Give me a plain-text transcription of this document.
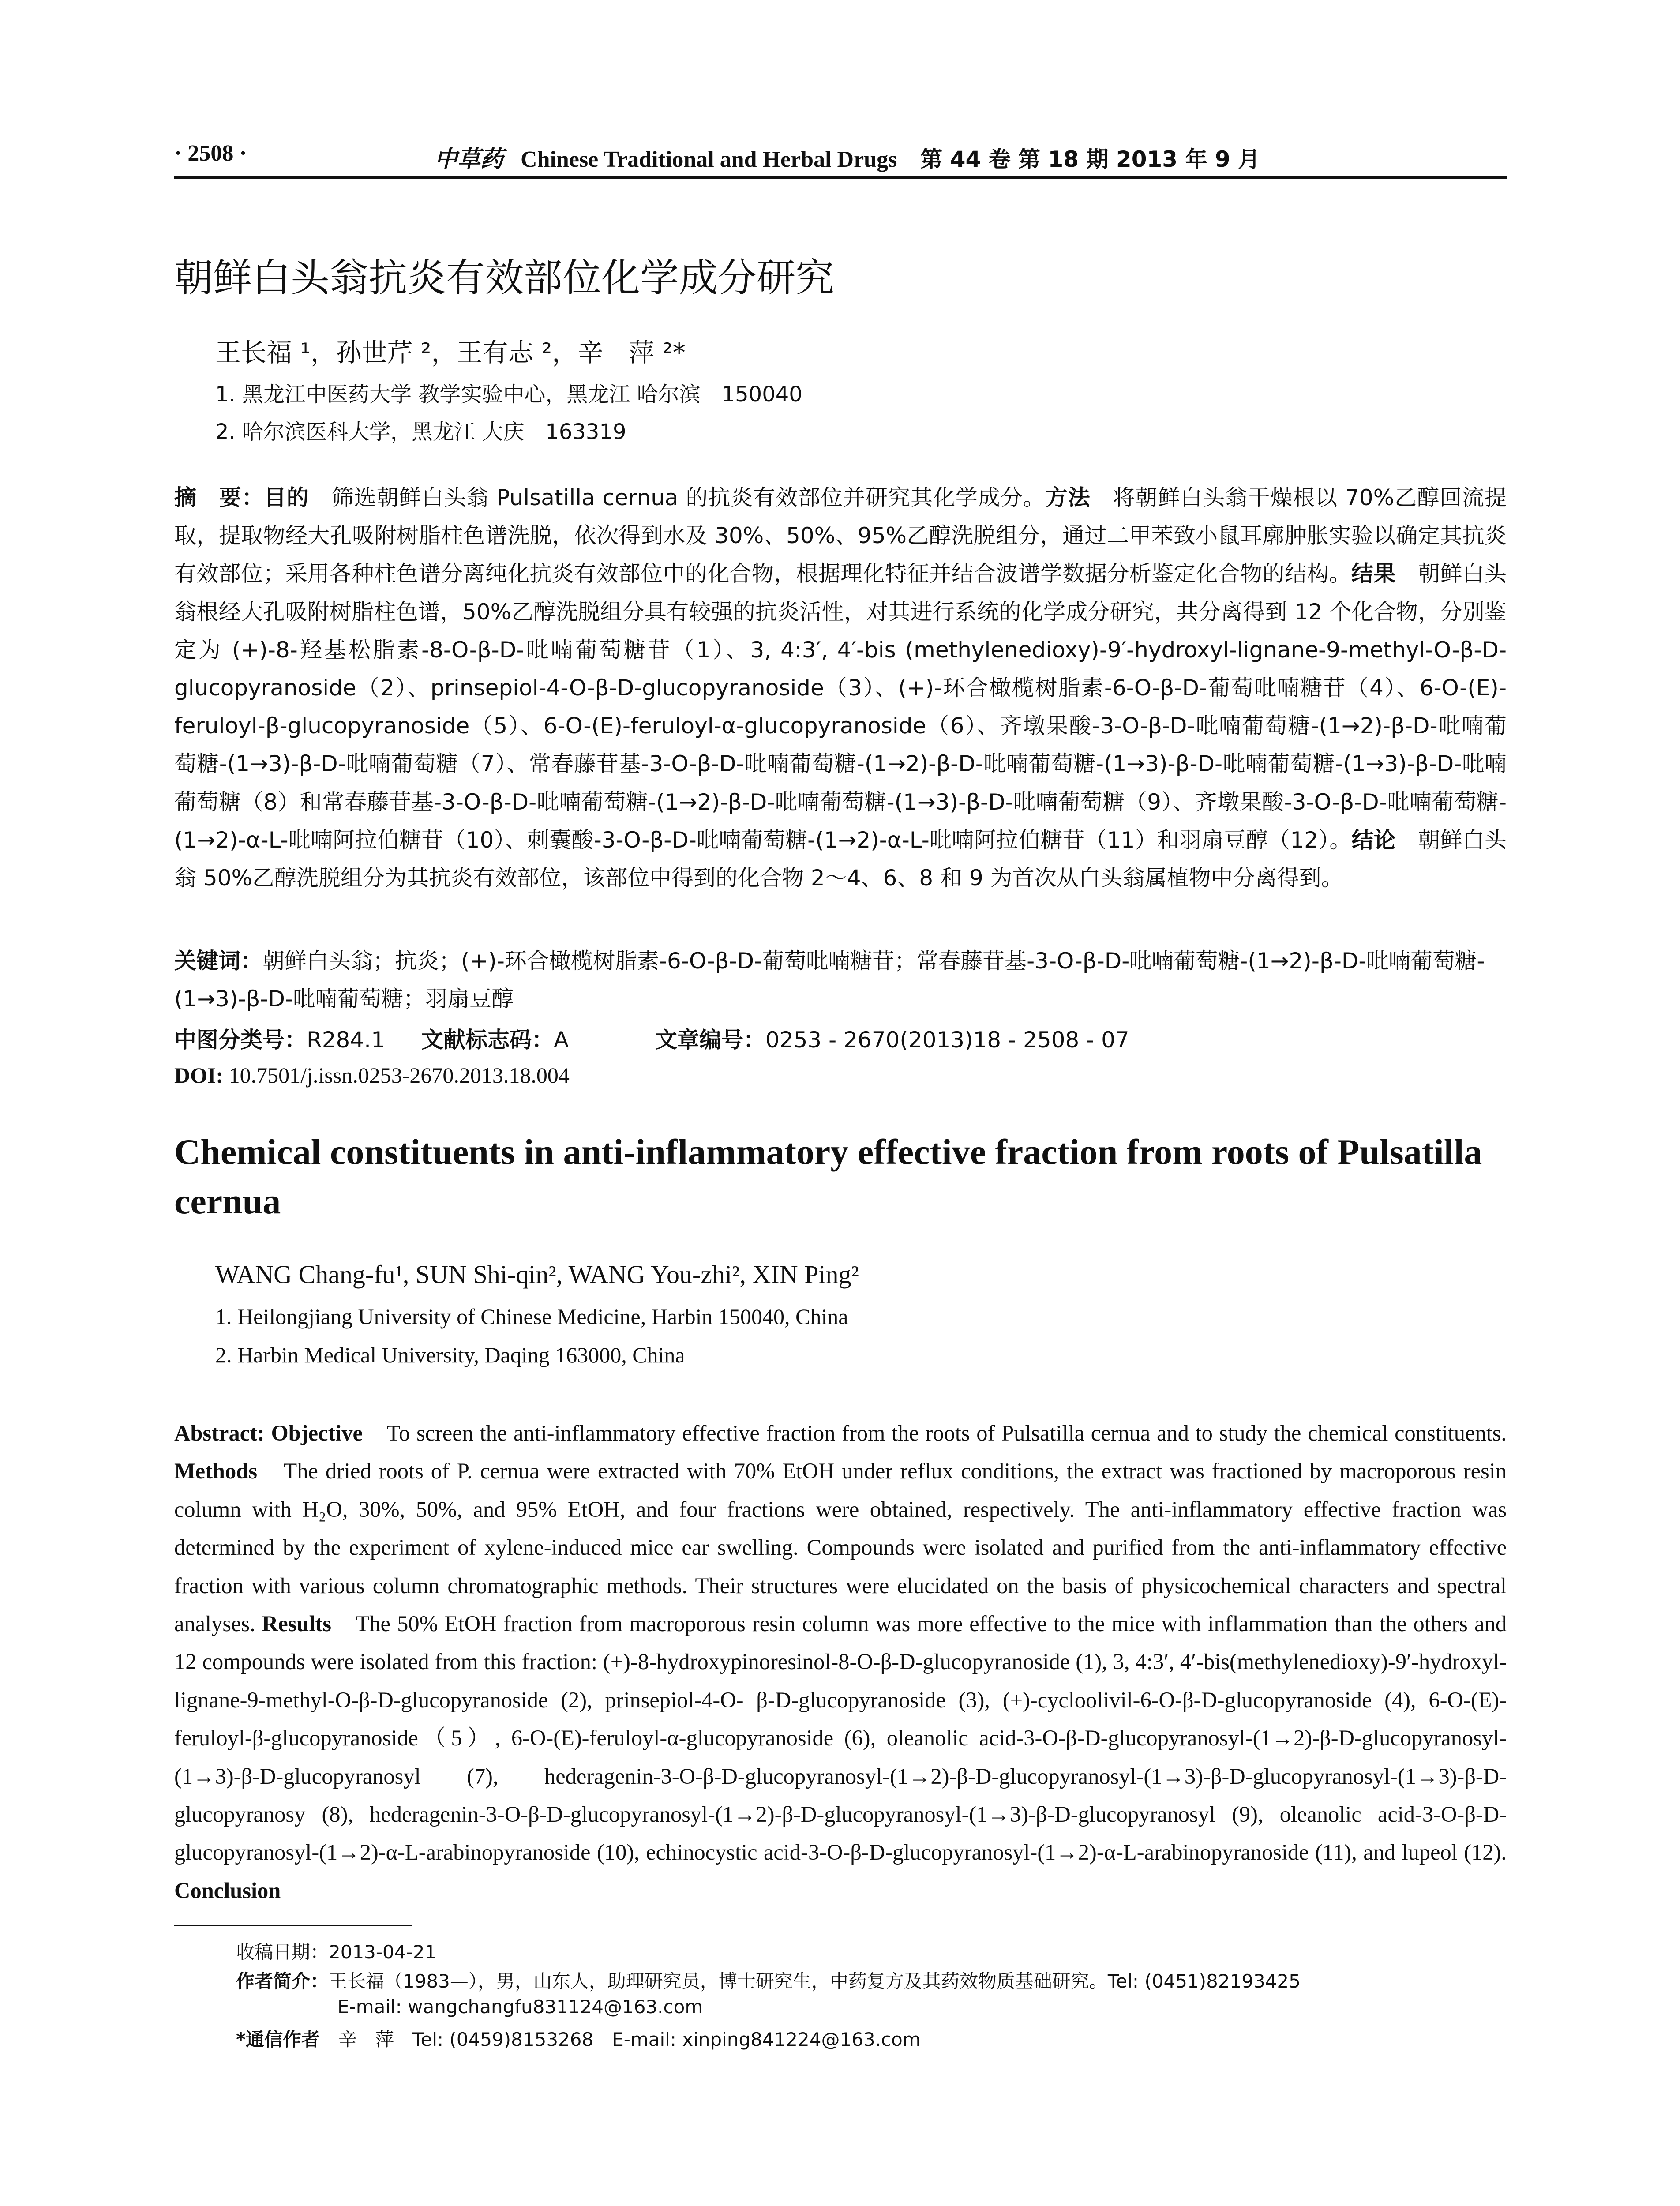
· 2508 ·	中草药 Chinese Traditional and Herbal Drugs 第 44 卷 第 18 期 2013 年 9 月
朝鲜白头翁抗炎有效部位化学成分研究
王长福 ¹，孙世芹 ²，王有志 ²，辛　萍 ²*
1. 黑龙江中医药大学 教学实验中心，黑龙江 哈尔滨　150040
2. 哈尔滨医科大学，黑龙江 大庆　163319
摘　要：目的　筛选朝鲜白头翁 Pulsatilla cernua 的抗炎有效部位并研究其化学成分。方法　将朝鲜白头翁干燥根以 70%乙醇回流提取，提取物经大孔吸附树脂柱色谱洗脱，依次得到水及 30%、50%、95%乙醇洗脱组分，通过二甲苯致小鼠耳廓肿胀实验以确定其抗炎有效部位；采用各种柱色谱分离纯化抗炎有效部位中的化合物，根据理化特征并结合波谱学数据分析鉴定化合物的结构。结果　朝鲜白头翁根经大孔吸附树脂柱色谱，50%乙醇洗脱组分具有较强的抗炎活性，对其进行系统的化学成分研究，共分离得到 12 个化合物，分别鉴定为 (+)-8-羟基松脂素-8-O-β-D-吡喃葡萄糖苷（1）、3, 4:3′, 4′-bis (methylenedioxy)-9′-hydroxyl-lignane-9-methyl-O-β-D-glucopyranoside（2）、prinsepiol-4-O-β-D-glucopyranoside（3）、(+)-环合橄榄树脂素-6-O-β-D-葡萄吡喃糖苷（4）、6-O-(E)-feruloyl-β-glucopyranoside（5）、6-O-(E)-feruloyl-α-glucopyranoside（6）、齐墩果酸-3-O-β-D-吡喃葡萄糖-(1→2)-β-D-吡喃葡萄糖-(1→3)-β-D-吡喃葡萄糖（7）、常春藤苷基-3-O-β-D-吡喃葡萄糖-(1→2)-β-D-吡喃葡萄糖-(1→3)-β-D-吡喃葡萄糖-(1→3)-β-D-吡喃葡萄糖（8）和常春藤苷基-3-O-β-D-吡喃葡萄糖-(1→2)-β-D-吡喃葡萄糖-(1→3)-β-D-吡喃葡萄糖（9）、齐墩果酸-3-O-β-D-吡喃葡萄糖-(1→2)-α-L-吡喃阿拉伯糖苷（10）、刺囊酸-3-O-β-D-吡喃葡萄糖-(1→2)-α-L-吡喃阿拉伯糖苷（11）和羽扇豆醇（12）。结论　朝鲜白头翁 50%乙醇洗脱组分为其抗炎有效部位，该部位中得到的化合物 2～4、6、8 和 9 为首次从白头翁属植物中分离得到。
关键词：朝鲜白头翁；抗炎；(+)-环合橄榄树脂素-6-O-β-D-葡萄吡喃糖苷；常春藤苷基-3-O-β-D-吡喃葡萄糖-(1→2)-β-D-吡喃葡萄糖-(1→3)-β-D-吡喃葡萄糖；羽扇豆醇
中图分类号：R284.1 文献标志码：A	文章编号：0253 - 2670(2013)18 - 2508 - 07
DOI: 10.7501/j.issn.0253-2670.2013.18.004
Chemical constituents in anti-inflammatory effective fraction from roots of Pulsatilla cernua
WANG Chang-fu¹, SUN Shi-qin², WANG You-zhi², XIN Ping²
1. Heilongjiang University of Chinese Medicine, Harbin 150040, China
2. Harbin Medical University, Daqing 163000, China
Abstract: Objective　To screen the anti-inflammatory effective fraction from the roots of Pulsatilla cernua and to study the chemical constituents. Methods　The dried roots of P. cernua were extracted with 70% EtOH under reflux conditions, the extract was fractioned by macroporous resin column with H₂O, 30%, 50%, and 95% EtOH, and four fractions were obtained, respectively. The anti-inflammatory effective fraction was determined by the experiment of xylene-induced mice ear swelling. Compounds were isolated and purified from the anti-inflammatory effective fraction with various column chromatographic methods. Their structures were elucidated on the basis of physicochemical characters and spectral analyses. Results　The 50% EtOH fraction from macroporous resin column was more effective to the mice with inflammation than the others and 12 compounds were isolated from this fraction: (+)-8-hydroxypinoresinol-8-O-β-D-glucopyranoside (1), 3, 4:3′, 4′-bis(methylenedioxy)-9′-hydroxyl-lignane-9-methyl-O-β-D-glucopyranoside (2), prinsepiol-4-O- β-D-glucopyranoside (3), (+)-cycloolivil-6-O-β-D-glucopyranoside (4), 6-O-(E)-feruloyl-β-glucopyranoside（5）, 6-O-(E)-feruloyl-α-glucopyranoside (6), oleanolic acid-3-O-β-D-glucopyranosyl-(1→2)-β-D-glucopyranosyl-(1→3)-β-D-glucopyranosyl (7), hederagenin-3-O-β-D-glucopyranosyl-(1→2)-β-D-glucopyranosyl-(1→3)-β-D-glucopyranosyl-(1→3)-β-D-glucopyranosy (8), hederagenin-3-O-β-D-glucopyranosyl-(1→2)-β-D-glucopyranosyl-(1→3)-β-D-glucopyranosyl (9), oleanolic acid-3-O-β-D- glucopyranosyl-(1→2)-α-L-arabinopyranoside (10), echinocystic acid-3-O-β-D-glucopyranosyl-(1→2)-α-L-arabinopyranoside (11), and lupeol (12). Conclusion
收稿日期：2013-04-21
作者简介：王长福（1983—），男，山东人，助理研究员，博士研究生，中药复方及其药效物质基础研究。Tel: (0451)82193425
E-mail: wangchangfu831124@163.com
*通信作者　辛　萍　Tel: (0459)8153268　E-mail: xinping841224@163.com
